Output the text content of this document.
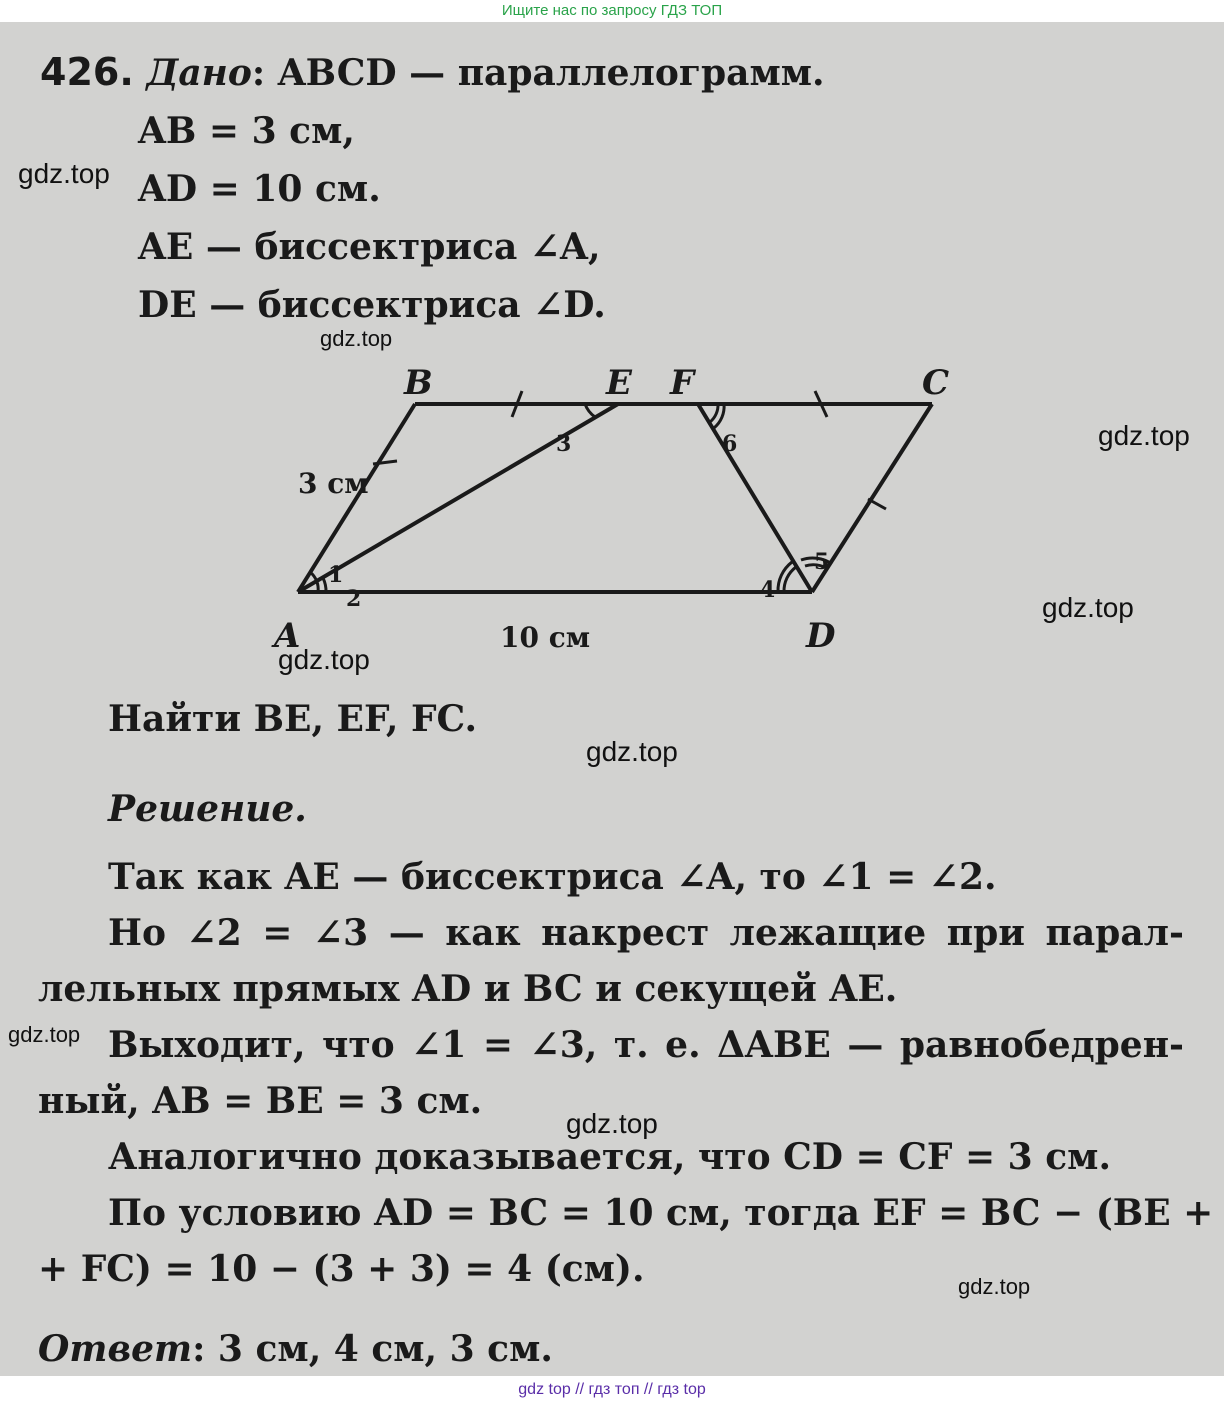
Ищите нас по запросу ГДЗ ТОП
426. Дано: ABCD — параллелограмм.
AB = 3 см,
AD = 10 см.
AE — биссектриса ∠A,
DE — биссектриса ∠D.
B	E F	C
A	D
1
2
3
4
5
6
3 см
10 см
Найти BE, EF, FC.
Решение.
Так как AE — биссектриса ∠A, то ∠1 = ∠2.
Но ∠2 = ∠3 — как накрест лежащие при парал-
лельных прямых AD и BC и секущей AE.
Выходит, что ∠1 = ∠3, т. е. ΔABE — равнобедрен-
ный, AB = BE = 3 см.
Аналогично доказывается, что CD = CF = 3 см.
По условию AD = BC = 10 см, тогда EF = BC − (BE +
+ FC) = 10 − (3 + 3) = 4 (см).
Ответ: 3 см, 4 см, 3 см.
gdz.top
gdz.top
gdz.top
gdz.top
gdz.top
gdz.top
gdz.top
gdz.top
gdz.top
gdz top // гдз топ // гдз top
